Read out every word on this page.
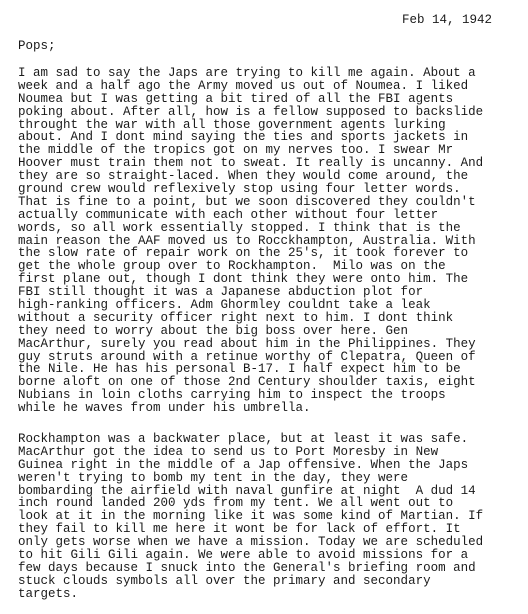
Feb 14, 1942
Pops;
I am sad to say the Japs are trying to kill me again. About a
week and a half ago the Army moved us out of Noumea. I liked
Noumea but I was getting a bit tired of all the FBI agents
poking about. After all, how is a fellow supposed to backslide
throught the war with all those government agents lurking
about. And I dont mind saying the ties and sports jackets in
the middle of the tropics got on my nerves too. I swear Mr
Hoover must train them not to sweat. It really is uncanny. And
they are so straight-laced. When they would come around, the
ground crew would reflexively stop using four letter words.
That is fine to a point, but we soon discovered they couldn't
actually communicate with each other without four letter
words, so all work essentially stopped. I think that is the
main reason the AAF moved us to Rocckhampton, Australia. With
the slow rate of repair work on the 25's, it took forever to
get the whole group over to Rockhampton.  Milo was on the
first plane out, though I dont think they were onto him. The
FBI still thought it was a Japanese abduction plot for
high-ranking officers. Adm Ghormley couldnt take a leak
without a security officer right next to him. I dont think
they need to worry about the big boss over here. Gen
MacArthur, surely you read about him in the Philippines. They
guy struts around with a retinue worthy of Clepatra, Queen of
the Nile. He has his personal B-17. I half expect him to be
borne aloft on one of those 2nd Century shoulder taxis, eight
Nubians in loin cloths carrying him to inspect the troops
while he waves from under his umbrella.
Rockhampton was a backwater place, but at least it was safe.
MacArthur got the idea to send us to Port Moresby in New
Guinea right in the middle of a Jap offensive. When the Japs
weren't trying to bomb my tent in the day, they were
bombarding the airfield with naval gunfire at night  A dud 14
inch round landed 200 yds from my tent. We all went out to
look at it in the morning like it was some kind of Martian. If
they fail to kill me here it wont be for lack of effort. It
only gets worse when we have a mission. Today we are scheduled
to hit Gili Gili again. We were able to avoid missions for a
few days because I snuck into the General's briefing room and
stuck clouds symbols all over the primary and secondary
targets.
